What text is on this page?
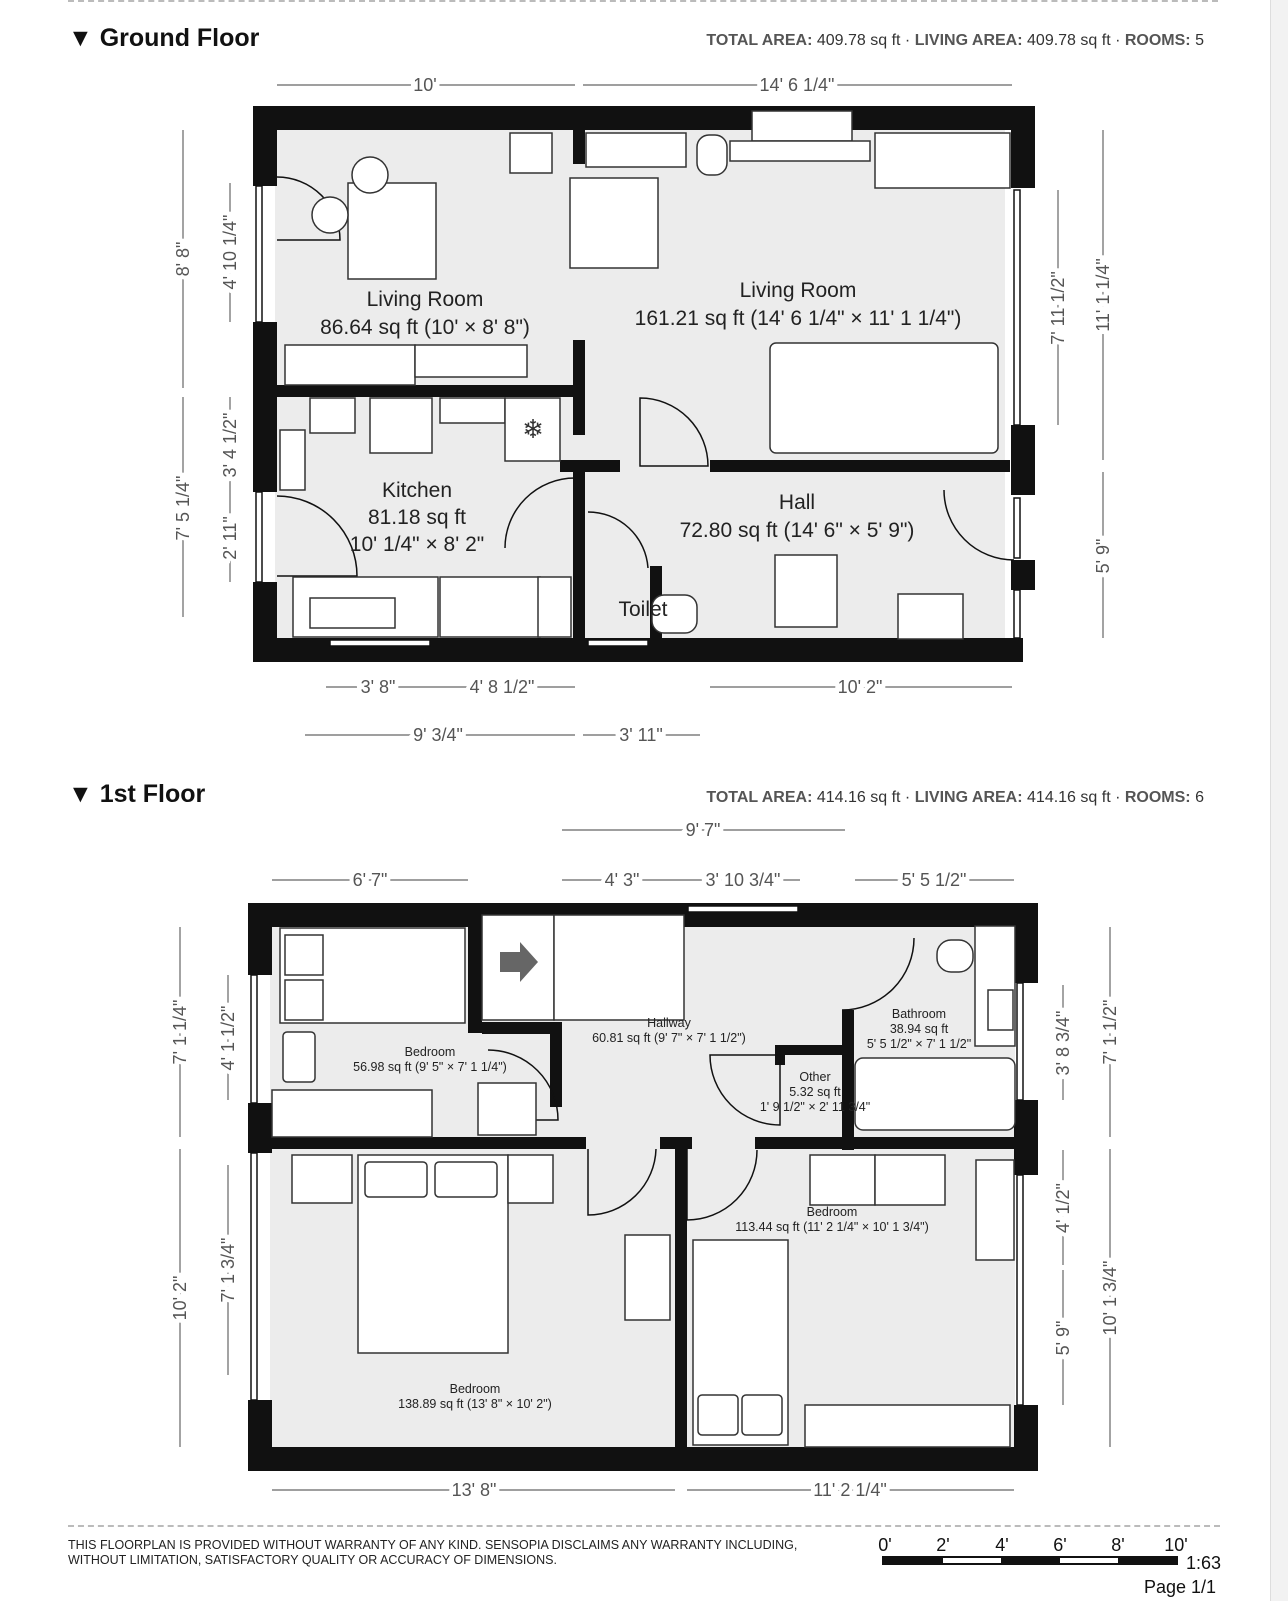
▼ Ground Floor	TOTAL AREA: 409.78 sq ft · LIVING AREA: 409.78 sq ft · ROOMS: 5
❄
Living Room
86.64 sq ft (10' × 8' 8")
Living Room
161.21 sq ft (14' 6 1/4" × 11' 1 1/4")
Kitchen
81.18 sq ft
10' 1/4" × 8' 2"
Hall
72.80 sq ft (14' 6" × 5' 9")
Toilet
10'	14' 6 1/4"
8' 8" 4' 10 1/4"
7' 5 1/4"
3' 4 1/2"
2' 11"
7' 11 1/2" 11' 1 1/4"
5' 9"
3' 8"	4' 8 1/2"	10' 2"
9' 3/4"	3' 11"
▼ 1st Floor	TOTAL AREA: 414.16 sq ft · LIVING AREA: 414.16 sq ft · ROOMS: 6
Bedroom
56.98 sq ft (9' 5" × 7' 1 1/4")
Hallway
60.81 sq ft (9' 7" × 7' 1 1/2")
Bathroom
38.94 sq ft
5' 5 1/2" × 7' 1 1/2"
Other
5.32 sq ft
1' 9 1/2" × 2' 11 3/4"
Bedroom
113.44 sq ft (11' 2 1/4" × 10' 1 3/4")
Bedroom
138.89 sq ft (13' 8" × 10' 2")
9' 7"
6' 7"	4' 3"	3' 10 3/4"	5' 5 1/2"
7' 1 1/4" 4' 1 1/2"
10' 2" 7' 1 3/4"
7' 1 1/2"
3' 8 3/4"
4' 1/2"
10' 1 3/4"
5' 9"
13' 8"	11' 2 1/4"
THIS FLOORPLAN IS PROVIDED WITHOUT WARRANTY OF ANY KIND. SENSOPIA DISCLAIMS ANY WARRANTY INCLUDING, WITHOUT LIMITATION, SATISFACTORY QUALITY OR ACCURACY OF DIMENSIONS.
0' 2'	4' 6' 8' 10'
1:63
Page 1/1
